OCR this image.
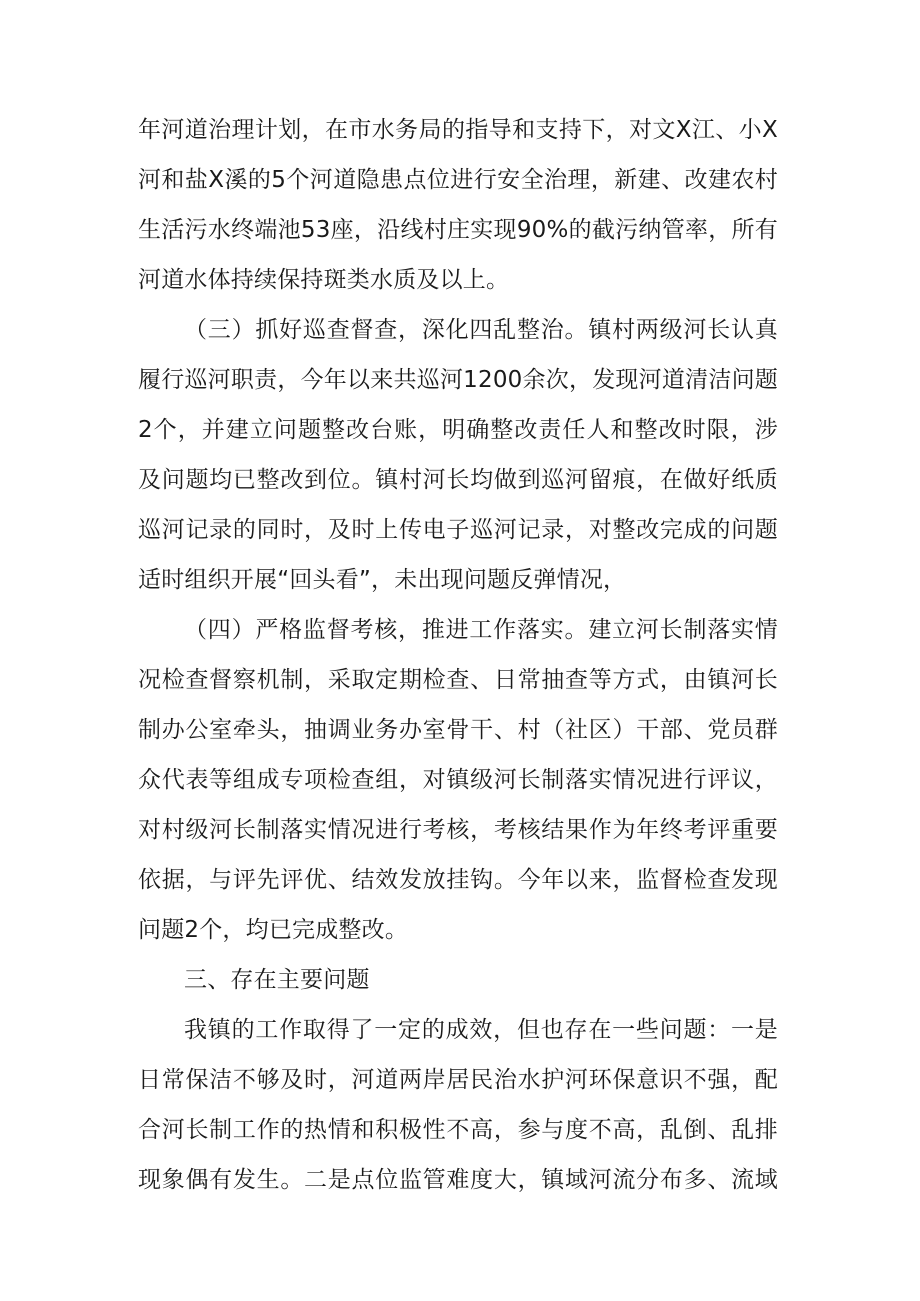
年河道治理计划，在市水务局的指导和支持下，对文X江、小X
河和盐X溪的5个河道隐患点位进行安全治理，新建、改建农村
生活污水终端池53座，沿线村庄实现90%的截污纳管率，所有
河道水体持续保持斑类水质及以上。
（三）抓好巡查督查，深化四乱整治。镇村两级河长认真
履行巡河职责，今年以来共巡河1200余次，发现河道清洁问题
2个，并建立问题整改台账，明确整改责任人和整改时限，涉
及问题均已整改到位。镇村河长均做到巡河留痕，在做好纸质
巡河记录的同时，及时上传电子巡河记录，对整改完成的问题
适时组织开展“回头看”，未出现问题反弹情况，
（四）严格监督考核，推进工作落实。建立河长制落实情
况检查督察机制，采取定期检查、日常抽查等方式，由镇河长
制办公室牵头，抽调业务办室骨干、村（社区）干部、党员群
众代表等组成专项检查组，对镇级河长制落实情况进行评议，
对村级河长制落实情况进行考核，考核结果作为年终考评重要
依据，与评先评优、结效发放挂钩。今年以来，监督检查发现
问题2个，均已完成整改。
三、存在主要问题
我镇的工作取得了一定的成效，但也存在一些问题：一是
日常保洁不够及时，河道两岸居民治水护河环保意识不强，配
合河长制工作的热情和积极性不高，参与度不高，乱倒、乱排
现象偶有发生。二是点位监管难度大，镇域河流分布多、流域
